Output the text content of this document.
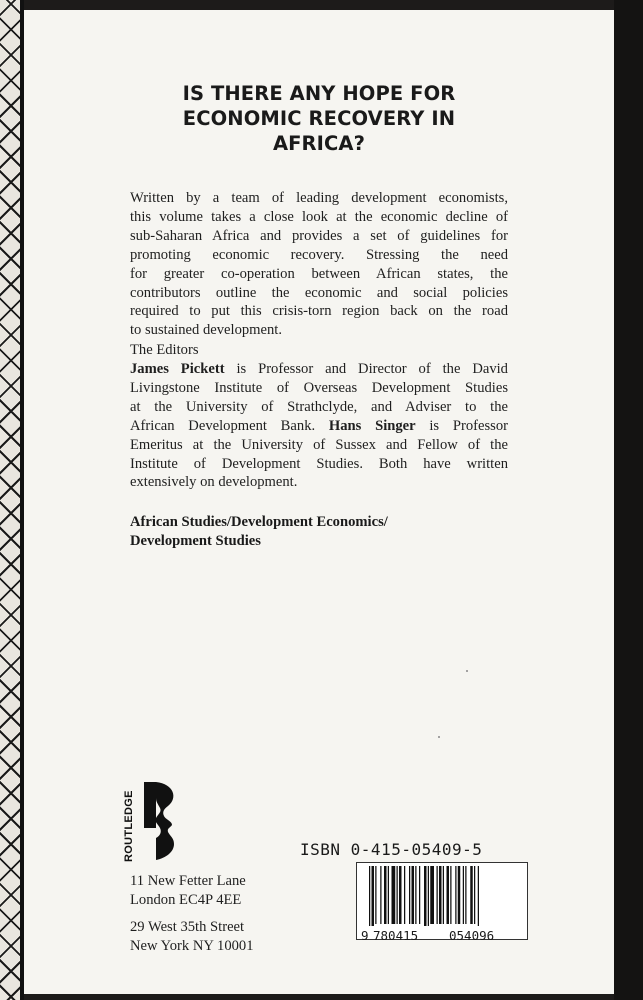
IS THERE ANY HOPE FOR
ECONOMIC RECOVERY IN
AFRICA?
Written by a team of leading development economists,
this volume takes a close look at the economic decline of
sub-Saharan Africa and provides a set of guidelines for
promoting economic recovery. Stressing the need
for greater co-operation between African states, the
contributors outline the economic and social policies
required to put this crisis-torn region back on the road
to sustained development.
The Editors
James Pickett is Professor and Director of the David
Livingstone Institute of Overseas Development Studies
at the University of Strathclyde, and Adviser to the
African Development Bank. Hans Singer is Professor
Emeritus at the University of Sussex and Fellow of the
Institute of Development Studies. Both have written
extensively on development.
African Studies/Development Economics/
Development Studies
ROUTLEDGE
11 New Fetter Lane
London EC4P 4EE
29 West 35th Street
New York NY 10001
ISBN 0-415-05409-5
9 780415 054096
